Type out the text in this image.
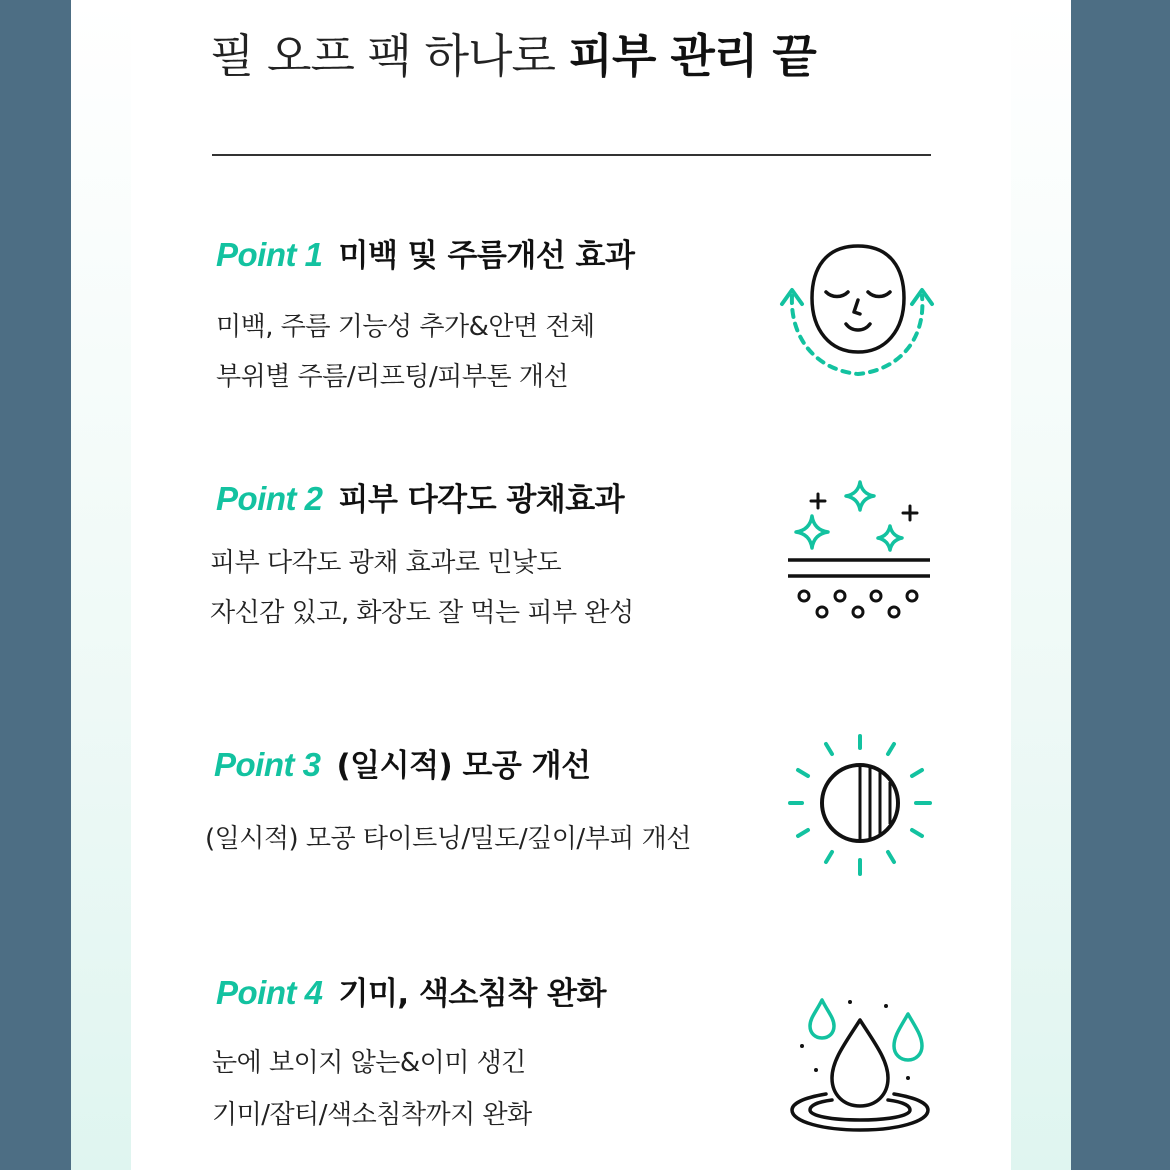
필 오프 팩 하나로 피부 관리 끝
Point 1 미백 및 주름개선 효과
미백, 주름 기능성 추가&안면 전체
부위별 주름/리프팅/피부톤 개선
Point 2 피부 다각도 광채효과
피부 다각도 광채 효과로 민낯도
자신감 있고, 화장도 잘 먹는 피부 완성
Point 3 (일시적) 모공 개선
(일시적) 모공 타이트닝/밀도/깊이/부피 개선
Point 4 기미, 색소침착 완화
눈에 보이지 않는&이미 생긴
기미/잡티/색소침착까지 완화
